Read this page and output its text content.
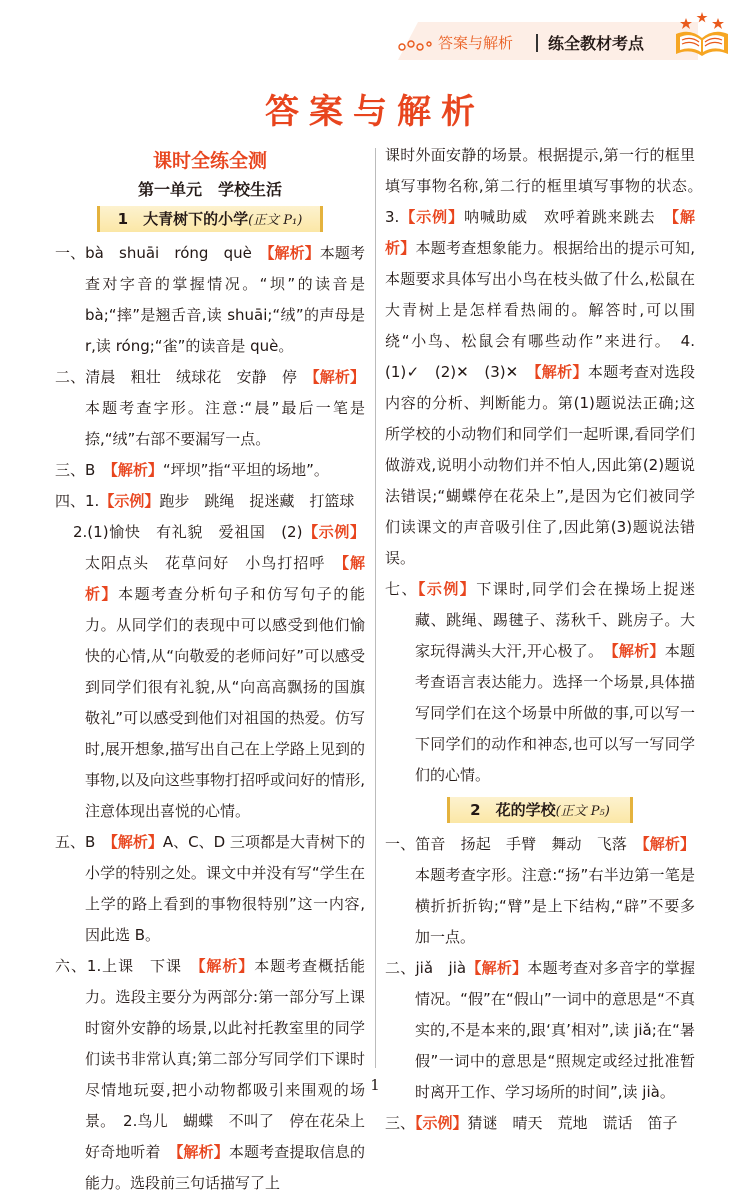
答案与解析 练全教材考点
答案与解析
课时全练全测
第一单元　学校生活
1　大青树下的小学(正文 P₁)

一、bà　shuāi　róng　què　 【解析】本题考查对字音的掌握情况。“坝”的读音是 bà;“摔”是翘舌音,读 shuāi;“绒”的声母是 r,读 róng;“雀”的读音是 què。

二、清晨　粗壮　绒球花　安静　停　 【解析】本题考查字形。注意:“晨”最后一笔是捺,“绒”右部不要漏写一点。

三、B　 【解析】“坪坝”指“平坦的场地”。

四、1.【示例】跑步　跳绳　捉迷藏　打篮球

2.(1)愉快　有礼貌　爱祖国　(2)【示例】太阳点头　花草问好　小鸟打招呼　 【解析】本题考查分析句子和仿写句子的能力。从同学们的表现中可以感受到他们愉快的心情,从“向敬爱的老师问好”可以感受到同学们很有礼貌,从“向高高飘扬的国旗敬礼”可以感受到他们对祖国的热爱。仿写时,展开想象,描写出自己在上学路上见到的事物,以及向这些事物打招呼或问好的情形,注意体现出喜悦的心情。

五、B　 【解析】A、C、D 三项都是大青树下的小学的特别之处。课文中并没有写“学生在上学的路上看到的事物很特别”这一内容,因此选 B。

六、1.上课　下课　 【解析】本题考查概括能力。选段主要分为两部分:第一部分写上课时窗外安静的场景,以此衬托教室里的同学们读书非常认真;第二部分写同学们下课时尽情地玩耍,把小动物都吸引来围观的场景。　2.鸟儿　蝴蝶　不叫了　停在花朵上　好奇地听着　 【解析】本题考查提取信息的能力。选段前三句话描写了上

课时外面安静的场景。根据提示,第一行的框里填写事物名称,第二行的框里填写事物的状态。　3.【示例】呐喊助威　欢呼着跳来跳去　 【解析】本题考查想象能力。根据给出的提示可知,本题要求具体写出小鸟在枝头做了什么,松鼠在大青树上是怎样看热闹的。解答时,可以围绕“小鸟、松鼠会有哪些动作”来进行。　4.(1)✓　(2)✕　(3)✕　 【解析】本题考查对选段内容的分析、判断能力。第(1)题说法正确;这所学校的小动物们和同学们一起听课,看同学们做游戏,说明小动物们并不怕人,因此第(2)题说法错误;“蝴蝶停在花朵上”,是因为它们被同学们读课文的声音吸引住了,因此第(3)题说法错误。

七、【示例】下课时,同学们会在操场上捉迷藏、跳绳、踢毽子、荡秋千、跳房子。大家玩得满头大汗,开心极了。　 【解析】本题考查语言表达能力。选择一个场景,具体描写同学们在这个场景中所做的事,可以写一下同学们的动作和神态,也可以写一写同学们的心情。

2　花的学校(正文 P₅)

一、笛音　扬起　手臂　舞动　飞落　 【解析】本题考查字形。注意:“扬”右半边第一笔是横折折折钩;“臂”是上下结构,“辟”不要多加一点。

二、jiǎ　jià【解析】本题考查对多音字的掌握情况。“假”在“假山”一词中的意思是“不真实的,不是本来的,跟‘真’相对”,读 jiǎ;在“暑假”一词中的意思是“照规定或经过批准暂时离开工作、学习场所的时间”,读 jià。

三、【示例】猜谜　晴天　荒地　谎话　笛子

1
